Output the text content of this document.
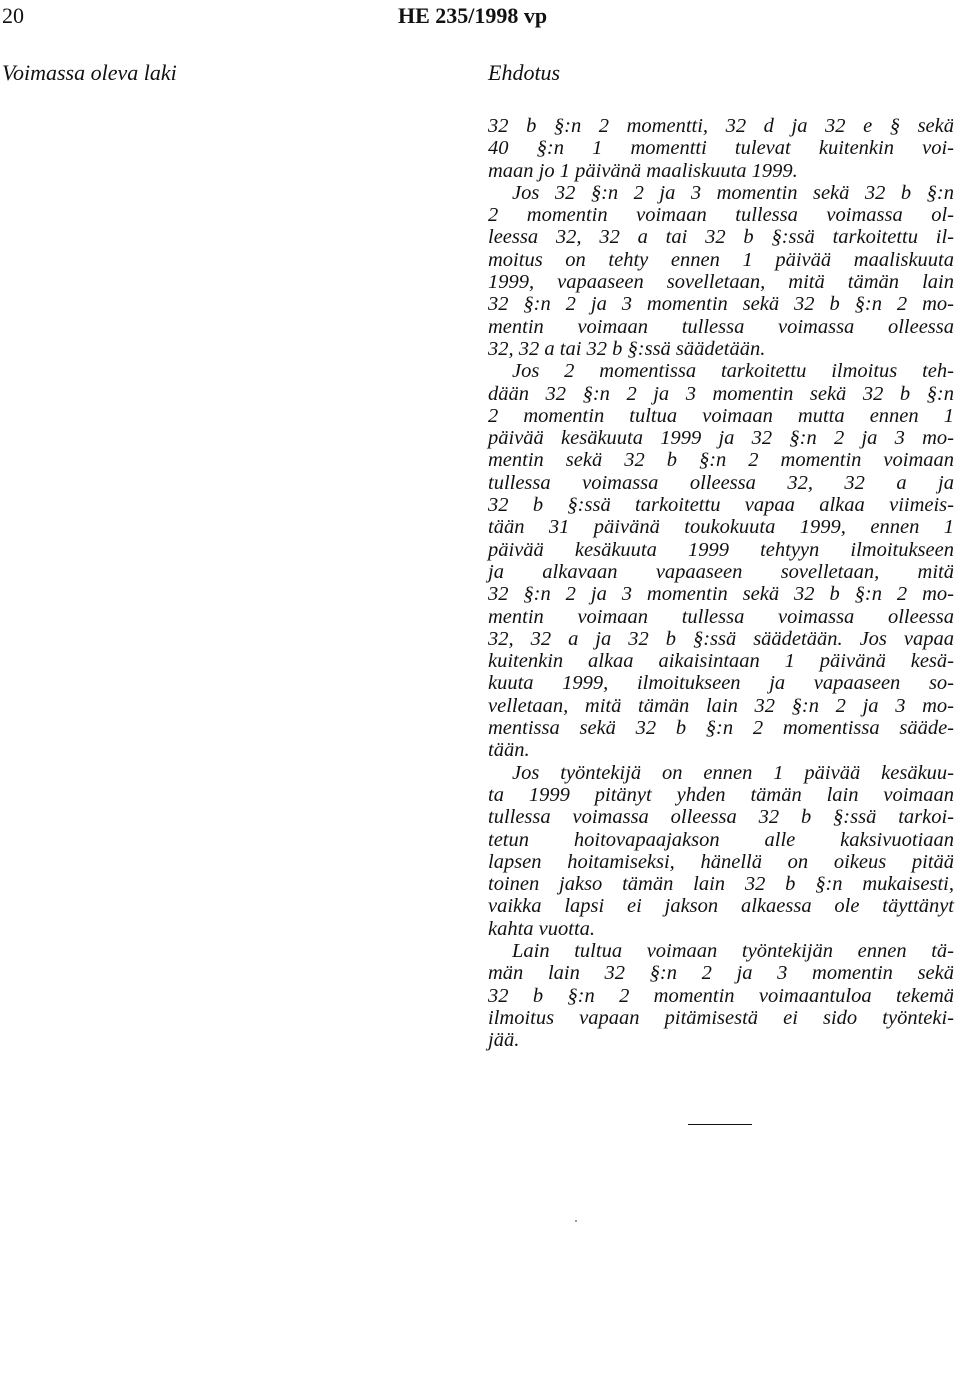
20	HE 235/1998 vp
Voimassa oleva laki	Ehdotus
32 b §:n 2 momentti, 32 d ja 32 e § sekä
40 §:n 1 momentti tulevat kuitenkin voi-
maan jo 1 päivänä maaliskuuta 1999.
Jos 32 §:n 2 ja 3 momentin sekä 32 b §:n
2 momentin voimaan tullessa voimassa ol-
leessa 32, 32 a tai 32 b §:ssä tarkoitettu il-
moitus on tehty ennen 1 päivää maaliskuuta
1999, vapaaseen sovelletaan, mitä tämän lain
32 §:n 2 ja 3 momentin sekä 32 b §:n 2 mo-
mentin voimaan tullessa voimassa olleessa
32, 32 a tai 32 b §:ssä säädetään.
Jos 2 momentissa tarkoitettu ilmoitus teh-
dään 32 §:n 2 ja 3 momentin sekä 32 b §:n
2 momentin tultua voimaan mutta ennen 1
päivää kesäkuuta 1999 ja 32 §:n 2 ja 3 mo-
mentin sekä 32 b §:n 2 momentin voimaan
tullessa voimassa olleessa 32, 32 a ja
32 b §:ssä tarkoitettu vapaa alkaa viimeis-
tään 31 päivänä toukokuuta 1999, ennen 1
päivää kesäkuuta 1999 tehtyyn ilmoitukseen
ja alkavaan vapaaseen sovelletaan, mitä
32 §:n 2 ja 3 momentin sekä 32 b §:n 2 mo-
mentin voimaan tullessa voimassa olleessa
32, 32 a ja 32 b §:ssä säädetään. Jos vapaa
kuitenkin alkaa aikaisintaan 1 päivänä kesä-
kuuta 1999, ilmoitukseen ja vapaaseen so-
velletaan, mitä tämän lain 32 §:n 2 ja 3 mo-
mentissa sekä 32 b §:n 2 momentissa sääde-
tään.
Jos työntekijä on ennen 1 päivää kesäkuu-
ta 1999 pitänyt yhden tämän lain voimaan
tullessa voimassa olleessa 32 b §:ssä tarkoi-
tetun hoitovapaajakson alle kaksivuotiaan
lapsen hoitamiseksi, hänellä on oikeus pitää
toinen jakso tämän lain 32 b §:n mukaisesti,
vaikka lapsi ei jakson alkaessa ole täyttänyt
kahta vuotta.
Lain tultua voimaan työntekijän ennen tä-
män lain 32 §:n 2 ja 3 momentin sekä
32 b §:n 2 momentin voimaantuloa tekemä
ilmoitus vapaan pitämisestä ei sido työnteki-
jää.
